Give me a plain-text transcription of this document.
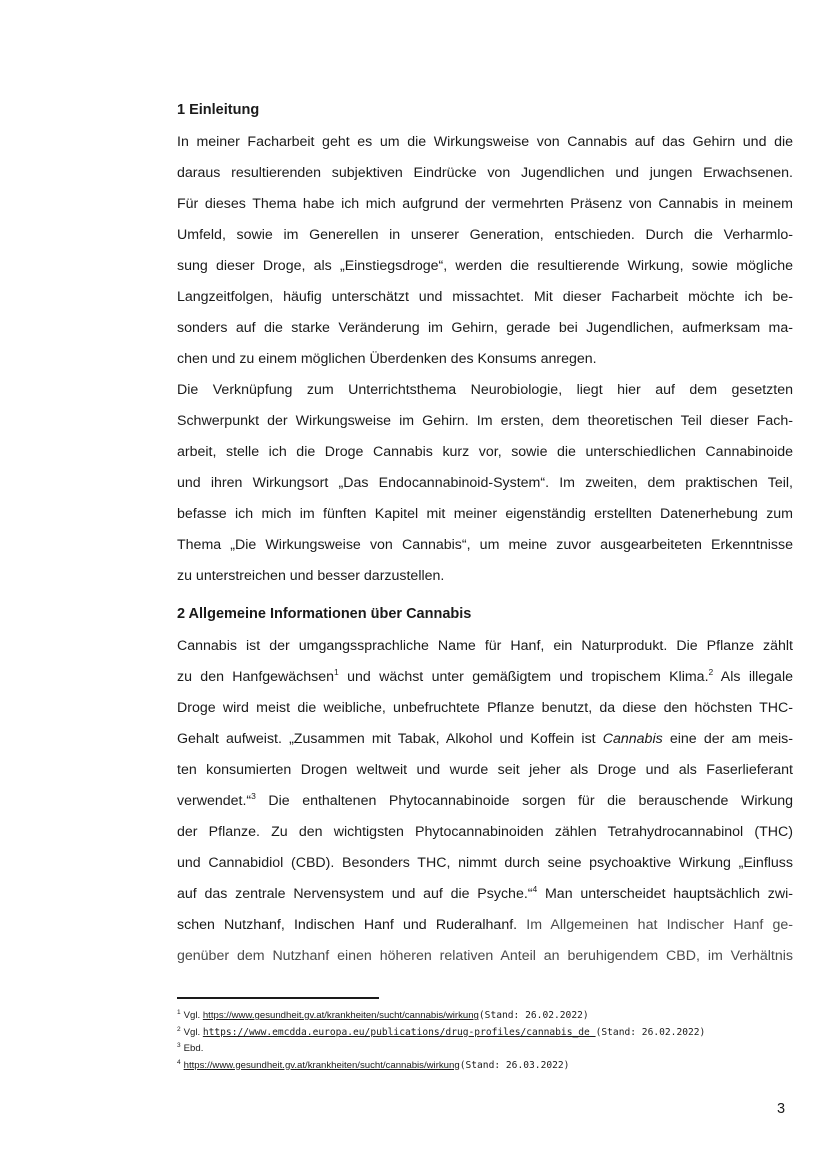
1 Einleitung
In meiner Facharbeit geht es um die Wirkungsweise von Cannabis auf das Gehirn und die
daraus resultierenden subjektiven Eindrücke von Jugendlichen und jungen Erwachsenen.
Für dieses Thema habe ich mich aufgrund der vermehrten Präsenz von Cannabis in meinem
Umfeld, sowie im Generellen in unserer Generation, entschieden. Durch die Verharmlo-
sung dieser Droge, als „Einstiegsdroge“, werden die resultierende Wirkung, sowie mögliche
Langzeitfolgen, häufig unterschätzt und missachtet. Mit dieser Facharbeit möchte ich be-
sonders auf die starke Veränderung im Gehirn, gerade bei Jugendlichen, aufmerksam ma-
chen und zu einem möglichen Überdenken des Konsums anregen.
Die Verknüpfung zum Unterrichtsthema Neurobiologie, liegt hier auf dem gesetzten
Schwerpunkt der Wirkungsweise im Gehirn. Im ersten, dem theoretischen Teil dieser Fach-
arbeit, stelle ich die Droge Cannabis kurz vor, sowie die unterschiedlichen Cannabinoide
und ihren Wirkungsort „Das Endocannabinoid-System“. Im zweiten, dem praktischen Teil,
befasse ich mich im fünften Kapitel mit meiner eigenständig erstellten Datenerhebung zum
Thema „Die Wirkungsweise von Cannabis“, um meine zuvor ausgearbeiteten Erkenntnisse
zu unterstreichen und besser darzustellen.
2 Allgemeine Informationen über Cannabis
Cannabis ist der umgangssprachliche Name für Hanf, ein Naturprodukt. Die Pflanze zählt
zu den Hanfgewächsen$^1$ und wächst unter gemäßigtem und tropischem Klima.$^2$ Als illegale
Droge wird meist die weibliche, unbefruchtete Pflanze benutzt, da diese den höchsten THC-
Gehalt aufweist. „Zusammen mit Tabak, Alkohol und Koffein ist Cannabis eine der am meis-
ten konsumierten Drogen weltweit und wurde seit jeher als Droge und als Faserlieferant
verwendet.“$^3$ Die enthaltenen Phytocannabinoide sorgen für die berauschende Wirkung
der Pflanze. Zu den wichtigsten Phytocannabinoiden zählen Tetrahydrocannabinol (THC)
und Cannabidiol (CBD). Besonders THC, nimmt durch seine psychoaktive Wirkung „Einfluss
auf das zentrale Nervensystem und auf die Psyche.“$^4$ Man unterscheidet hauptsächlich zwi-
schen Nutzhanf, Indischen Hanf und Ruderalhanf. Im Allgemeinen hat Indischer Hanf ge-
genüber dem Nutzhanf einen höheren relativen Anteil an beruhigendem CBD, im Verhältnis
$^1$ Vgl. https://www.gesundheit.gv.at/krankheiten/sucht/cannabis/wirkung(Stand: 26.02.2022)
$^2$ Vgl. https://www.emcdda.europa.eu/publications/drug-profiles/cannabis_de (Stand: 26.02.2022)
$^3$ Ebd.
$^4$ https://www.gesundheit.gv.at/krankheiten/sucht/cannabis/wirkung(Stand: 26.03.2022)
3
